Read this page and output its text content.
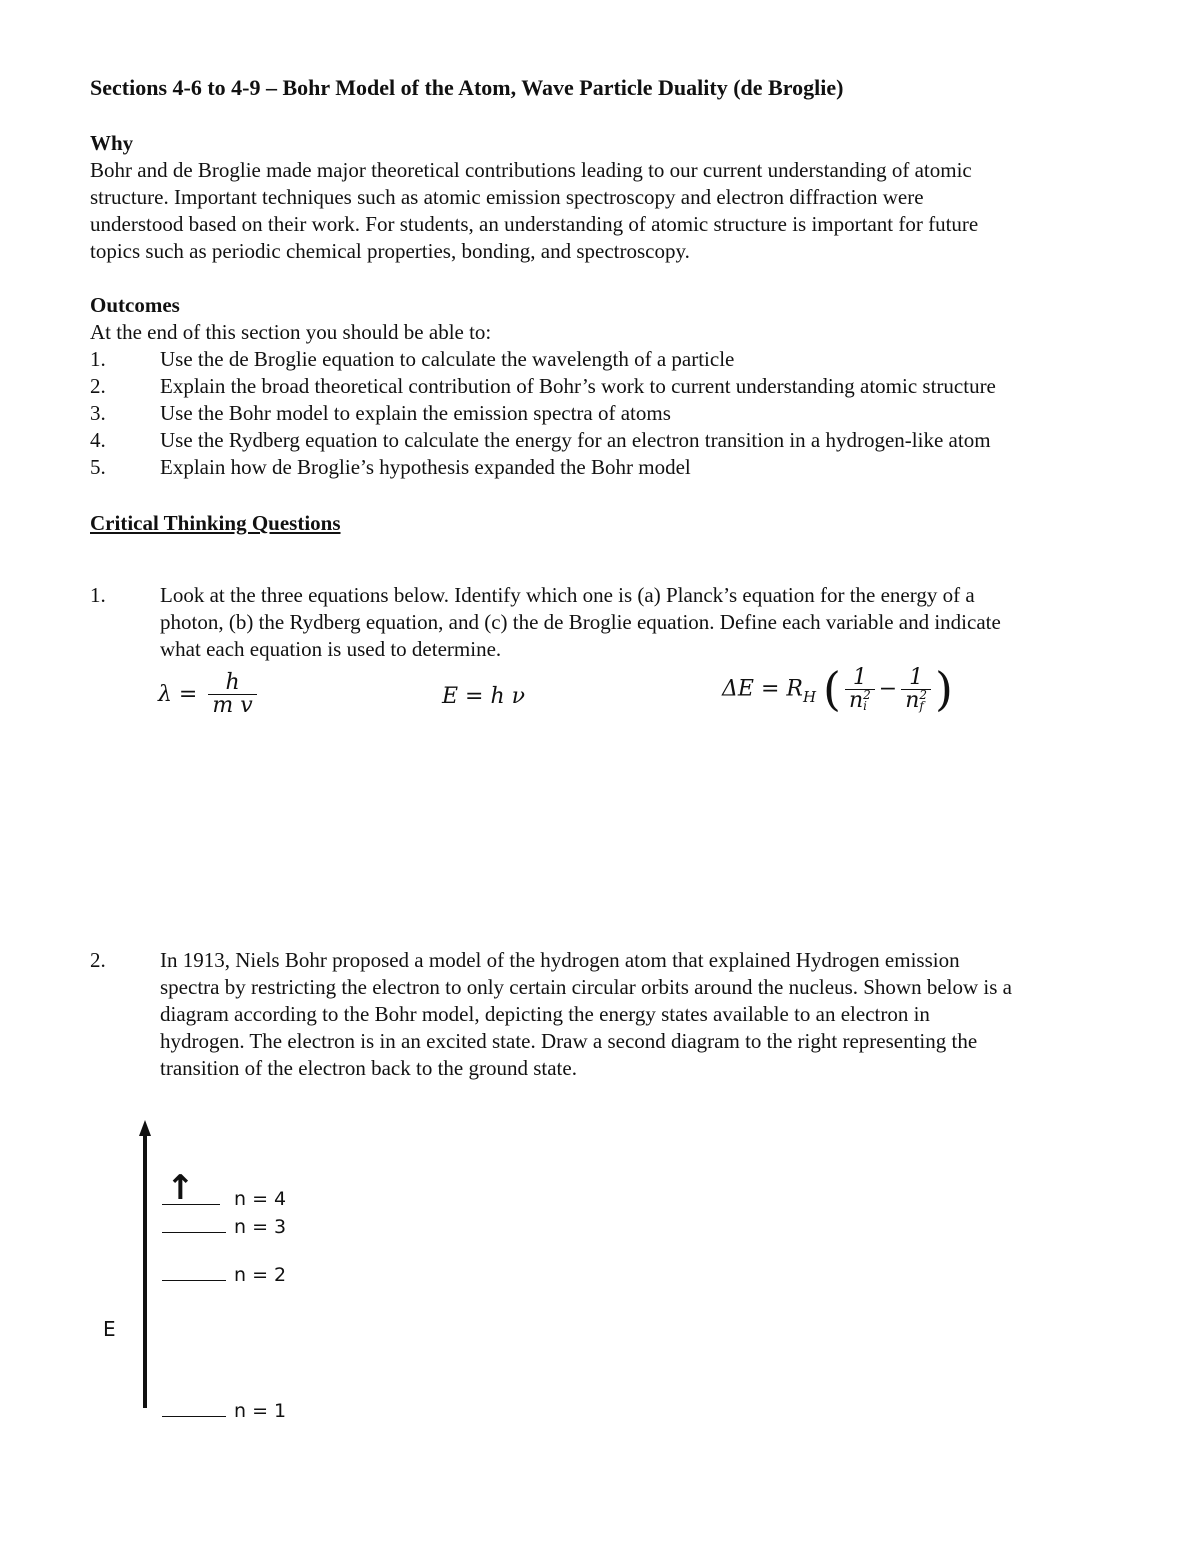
Sections 4-6 to 4-9 – Bohr Model of the Atom, Wave Particle Duality (de Broglie)
Why
Bohr and de Broglie made major theoretical contributions leading to our current understanding of atomic
structure. Important techniques such as atomic emission spectroscopy and electron diffraction were
understood based on their work. For students, an understanding of atomic structure is important for future
topics such as periodic chemical properties, bonding, and spectroscopy.
Outcomes
At the end of this section you should be able to:
1.	Use the de Broglie equation to calculate the wavelength of a particle
2.	Explain the broad theoretical contribution of Bohr’s work to current understanding atomic structure
3.	Use the Bohr model to explain the emission spectra of atoms
4.	Use the Rydberg equation to calculate the energy for an electron transition in a hydrogen-like atom
5.	Explain how de Broglie’s hypothesis expanded the Bohr model
Critical Thinking Questions
1.	Look at the three equations below. Identify which one is (a) Planck’s equation for the energy of a
photon, (b) the Rydberg equation, and (c) the de Broglie equation. Define each variable and indicate
what each equation is used to determine.
$\lambda = \frac{h}{\text{m v}}$	E = h ν	$\Delta E = R_H$ ( 1
n 2
i − 1
n 2
f )
2.	In 1913, Niels Bohr proposed a model of the hydrogen atom that explained Hydrogen emission
spectra by restricting the electron to only certain circular orbits around the nucleus. Shown below is a
diagram according to the Bohr model, depicting the energy states available to an electron in
hydrogen. The electron is in an excited state. Draw a second diagram to the right representing the
transition of the electron back to the ground state.
E
↑ n = 4
n = 3
n = 2
n = 1
